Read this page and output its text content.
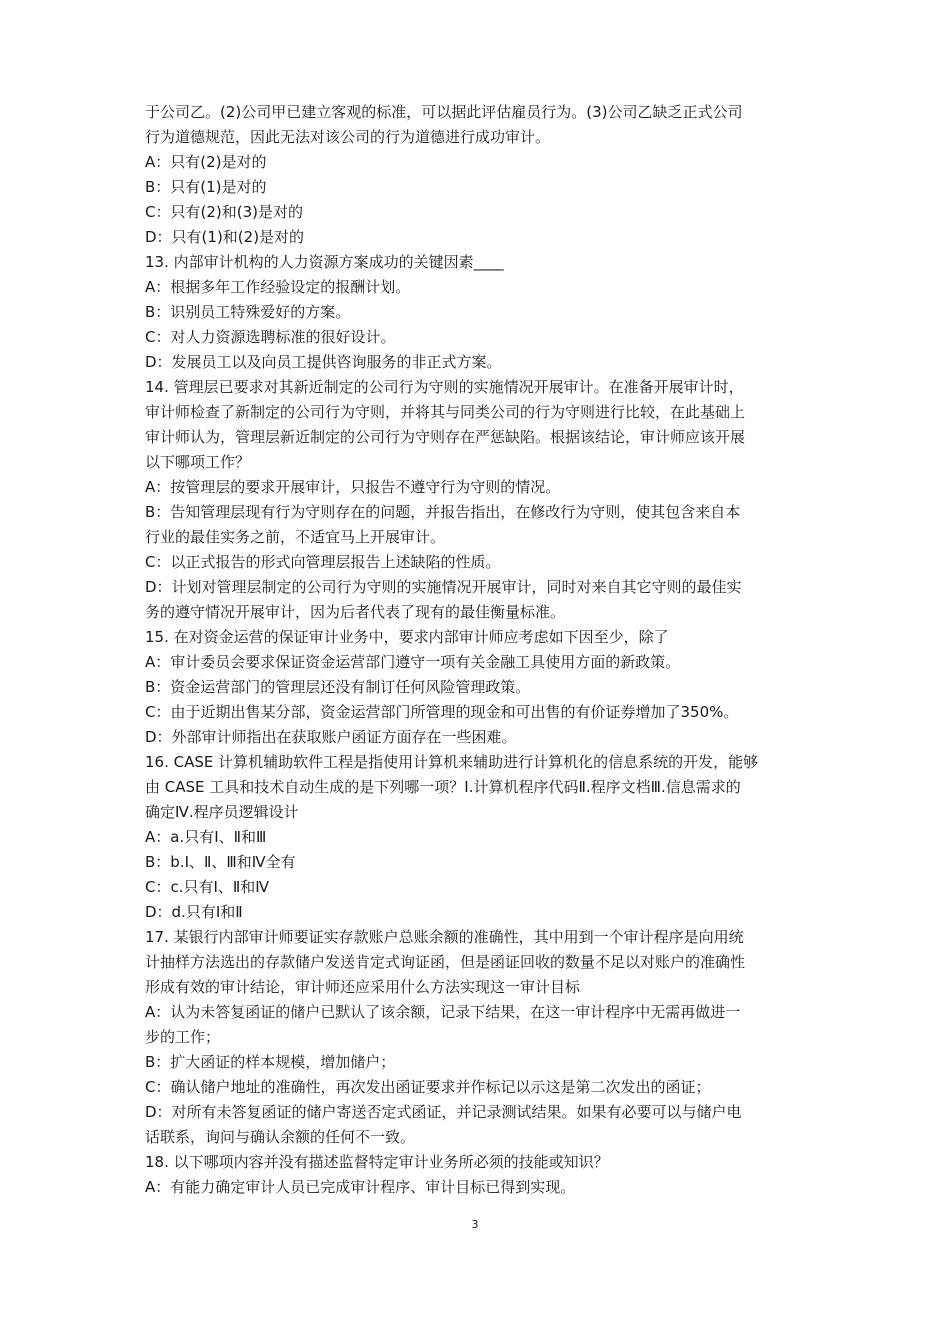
于公司乙。(2)公司甲已建立客观的标准，可以据此评估雇员行为。(3)公司乙缺乏正式公司
行为道德规范，因此无法对该公司的行为道德进行成功审计。
A：只有(2)是对的
B：只有(1)是对的
C：只有(2)和(3)是对的
D：只有(1)和(2)是对的
13. 内部审计机构的人力资源方案成功的关键因素____
A：根据多年工作经验设定的报酬计划。
B：识别员工特殊爱好的方案。
C：对人力资源选聘标准的很好设计。
D：发展员工以及向员工提供咨询服务的非正式方案。
14. 管理层已要求对其新近制定的公司行为守则的实施情况开展审计。在准备开展审计时，
审计师检查了新制定的公司行为守则，并将其与同类公司的行为守则进行比较，在此基础上
审计师认为，管理层新近制定的公司行为守则存在严惩缺陷。根据该结论，审计师应该开展
以下哪项工作？
A：按管理层的要求开展审计，只报告不遵守行为守则的情况。
B：告知管理层现有行为守则存在的问题，并报告指出，在修改行为守则，使其包含来自本
行业的最佳实务之前，不适宜马上开展审计。
C：以正式报告的形式向管理层报告上述缺陷的性质。
D：计划对管理层制定的公司行为守则的实施情况开展审计，同时对来自其它守则的最佳实
务的遵守情况开展审计，因为后者代表了现有的最佳衡量标准。
15. 在对资金运营的保证审计业务中，要求内部审计师应考虑如下因至少，除了
A：审计委员会要求保证资金运营部门遵守一项有关金融工具使用方面的新政策。
B：资金运营部门的管理层还没有制订任何风险管理政策。
C：由于近期出售某分部，资金运营部门所管理的现金和可出售的有价证券增加了350%。
D：外部审计师指出在获取账户函证方面存在一些困难。
16. CASE 计算机辅助软件工程是指使用计算机来辅助进行计算机化的信息系统的开发，能够
由 CASE 工具和技术自动生成的是下列哪一项？Ⅰ.计算机程序代码Ⅱ.程序文档Ⅲ.信息需求的
确定Ⅳ.程序员逻辑设计
A：a.只有Ⅰ、Ⅱ和Ⅲ
B：b.Ⅰ、Ⅱ、Ⅲ和Ⅳ全有
C：c.只有Ⅰ、Ⅱ和Ⅳ
D：d.只有Ⅰ和Ⅱ
17. 某银行内部审计师要证实存款账户总账余额的准确性，其中用到一个审计程序是向用统
计抽样方法选出的存款储户发送肯定式询证函，但是函证回收的数量不足以对账户的准确性
形成有效的审计结论，审计师还应采用什么方法实现这一审计目标
A：认为未答复函证的储户已默认了该余额，记录下结果，在这一审计程序中无需再做进一
步的工作；
B：扩大函证的样本规模，增加储户；
C：确认储户地址的准确性，再次发出函证要求并作标记以示这是第二次发出的函证；
D：对所有未答复函证的储户寄送否定式函证，并记录测试结果。如果有必要可以与储户电
话联系，询问与确认余额的任何不一致。
18. 以下哪项内容并没有描述监督特定审计业务所必须的技能或知识？
A：有能力确定审计人员已完成审计程序、审计目标已得到实现。
3
